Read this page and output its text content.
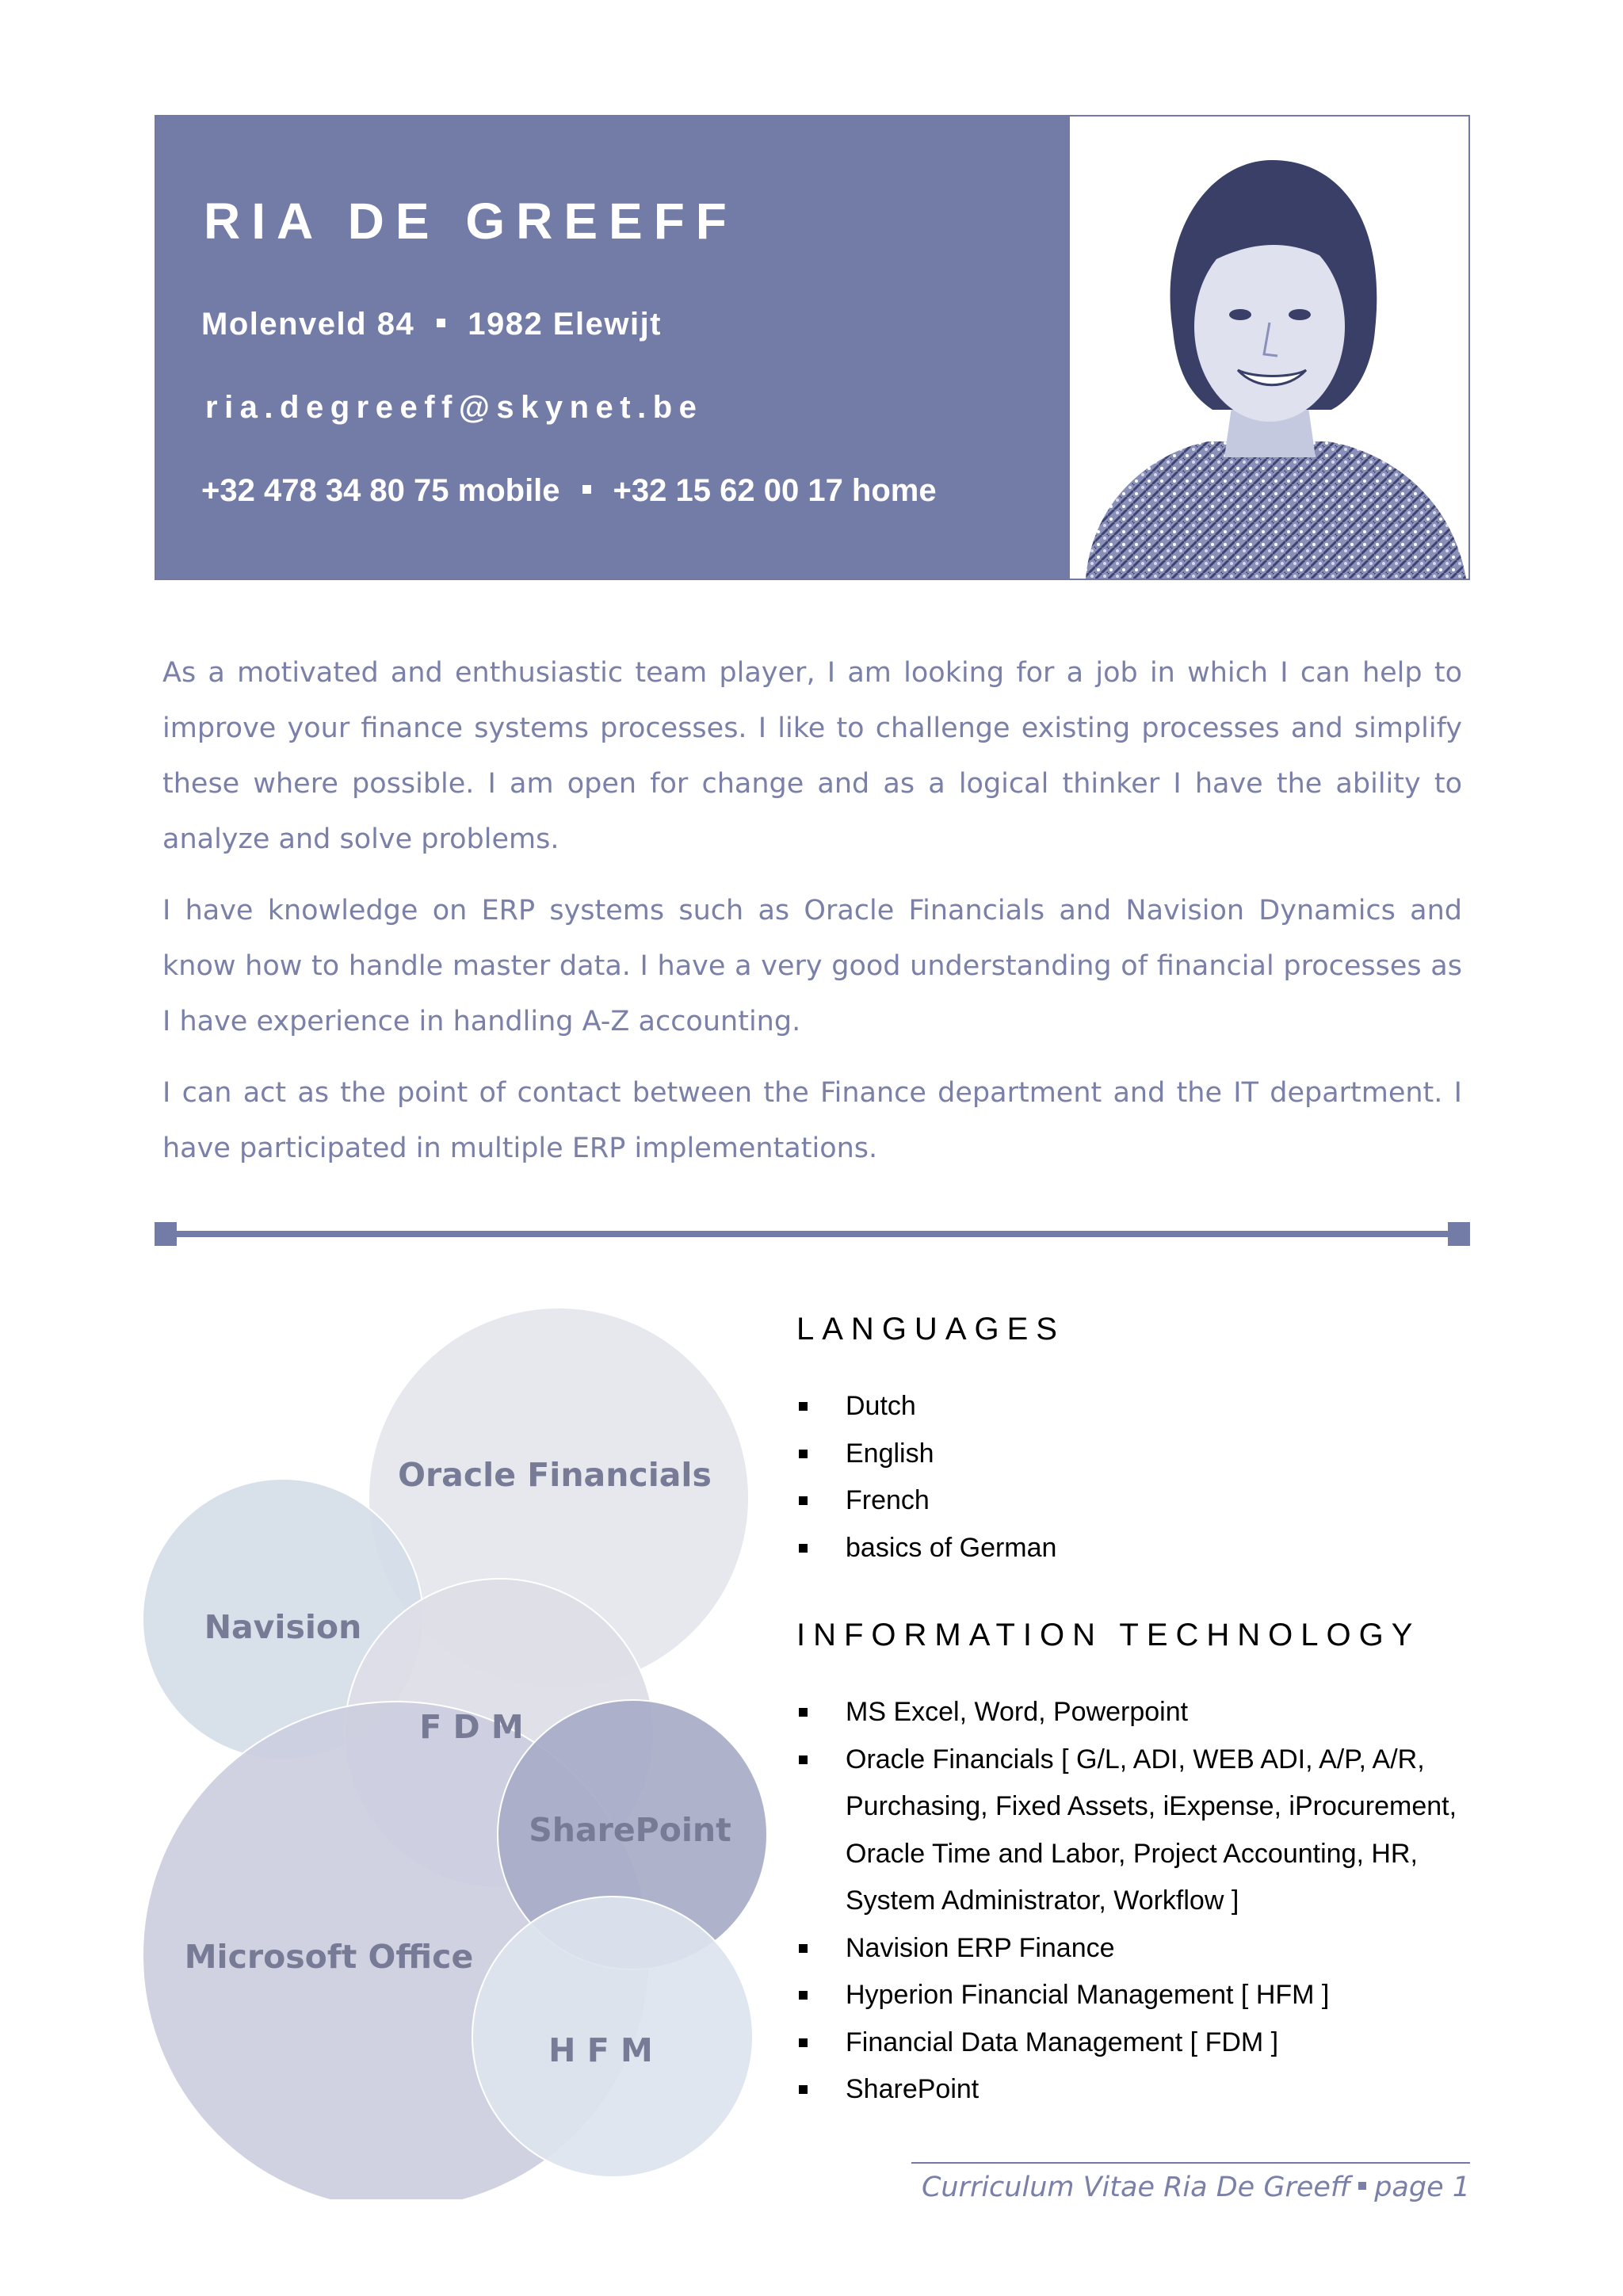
RIA DE GREEFF
Molenveld 84 1982 Elewijt
ria.degreeff@skynet.be
+32 478 34 80 75 mobile +32 15 62 00 17 home

As a motivated and enthusiastic team player, I am looking for a job in which I can help to improve your finance systems processes. I like to challenge existing processes and simplify these where possible. I am open for change and as a logical thinker I have the ability to analyze and solve problems.

I have knowledge on ERP systems such as Oracle Financials and Navision Dynamics and know how to handle master data. I have a very good understanding of financial processes as I have experience in handling A-Z accounting.

I can act as the point of contact between the Finance department and the IT department. I have participated in multiple ERP implementations.

Oracle Financials
Navision
F D M
SharePoint
Microsoft Office
H F M
LANGUAGES
Dutch
English
French
basics of German
INFORMATION TECHNOLOGY
MS Excel, Word, Powerpoint
Oracle Financials [ G/L, ADI, WEB ADI, A/P, A/R, Purchasing, Fixed Assets, iExpense, iProcurement, Oracle Time and Labor, Project Accounting, HR, System Administrator, Workflow ]
Navision ERP Finance
Hyperion Financial Management [ HFM ]
Financial Data Management [ FDM ]
SharePoint
Curriculum Vitae Ria De Greeff page 1
